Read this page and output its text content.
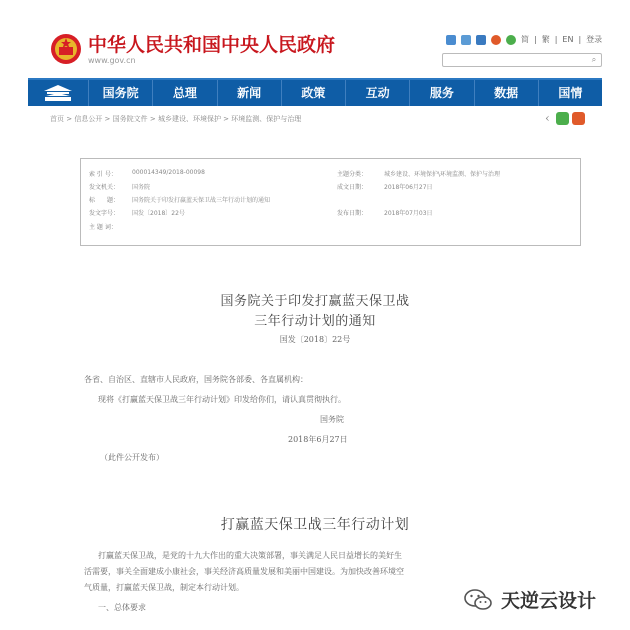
中华人民共和国中央人民政府
www.gov.cn
简 | 繁 | EN | 登录
⌕
国务院	总理	新闻	政策	互动	服务	数据	国情
首页 > 信息公开 > 国务院文件 > 城乡建设、环境保护 > 环境监测、保护与治理	‹
索 引 号：	000014349/2018-00098	主题分类：	城乡建设、环境保护\环境监测、保护与治理
发文机关：	国务院	成文日期：	2018年06月27日
标　　题：	国务院关于印发打赢蓝天保卫战三年行动计划的通知
发文字号：	国发〔2018〕22号	发布日期：	2018年07月03日
主 题 词：
国务院关于印发打赢蓝天保卫战
三年行动计划的通知
国发〔2018〕22号
各省、自治区、直辖市人民政府，国务院各部委、各直属机构：
现将《打赢蓝天保卫战三年行动计划》印发给你们，请认真贯彻执行。
国务院
2018年6月27日
（此件公开发布）
打赢蓝天保卫战三年行动计划
打赢蓝天保卫战，是党的十九大作出的重大决策部署，事关满足人民日益增长的美好生
活需要，事关全面建成小康社会，事关经济高质量发展和美丽中国建设。为加快改善环境空
气质量，打赢蓝天保卫战，制定本行动计划。
一、总体要求	天逆云设计
